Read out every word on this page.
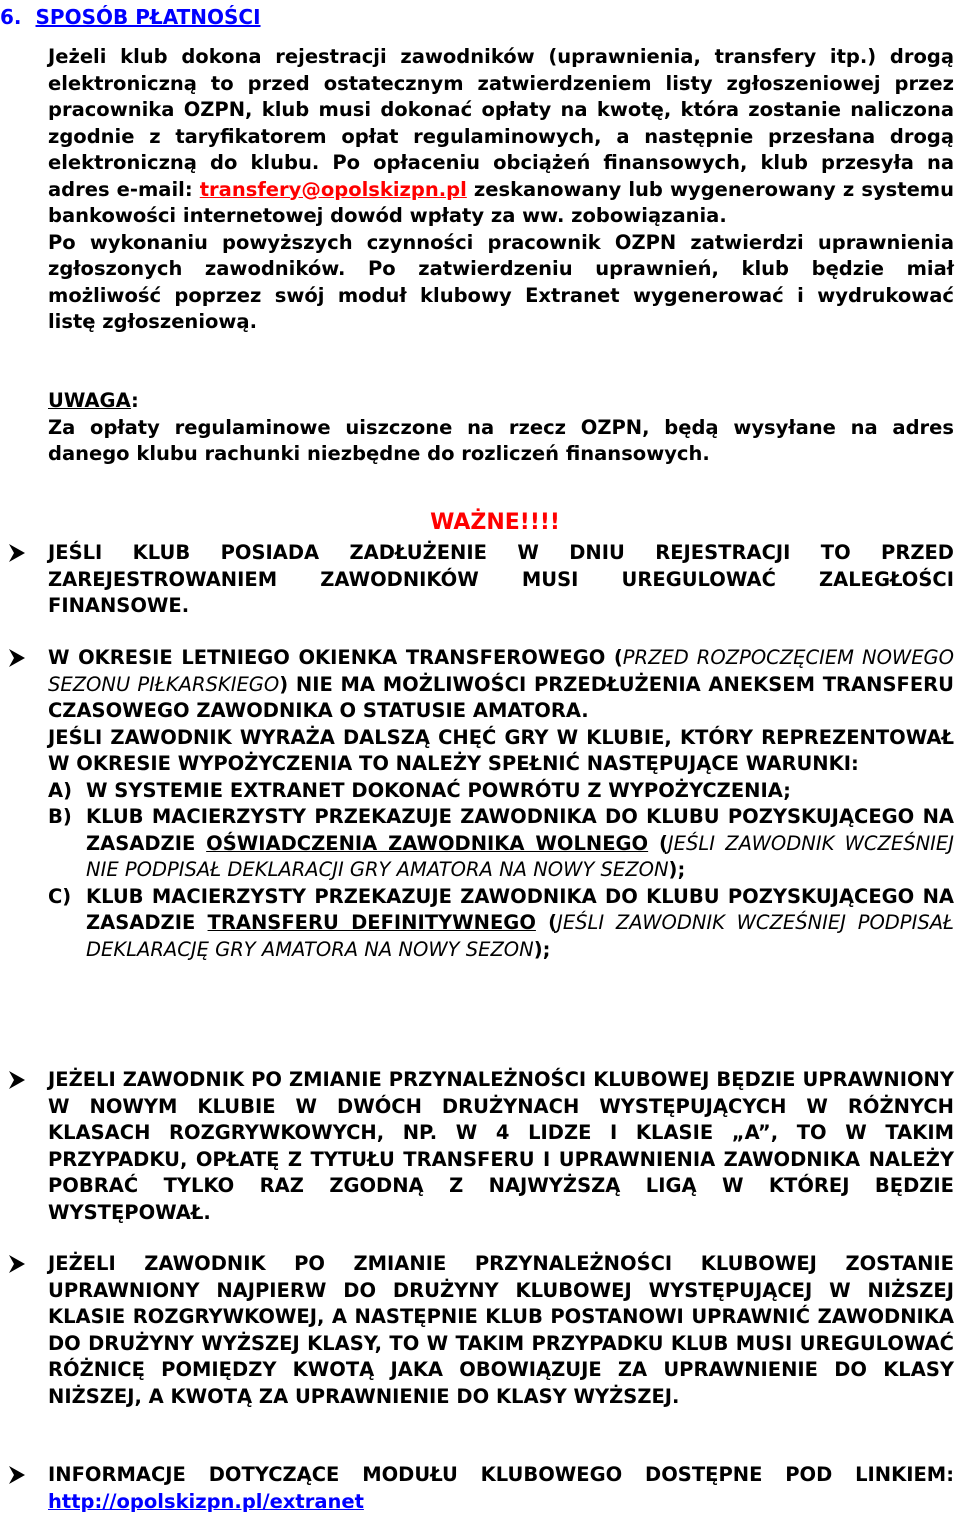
6. SPOSÓB PŁATNOŚCI
Jeżeli klub dokona rejestracji zawodników (uprawnienia, transfery itp.) drogą elektroniczną to przed ostatecznym zatwierdzeniem listy zgłoszeniowej przez pracownika OZPN, klub musi dokonać opłaty na kwotę, która zostanie naliczona zgodnie z taryfikatorem opłat regulaminowych, a następnie przesłana drogą elektroniczną do klubu. Po opłaceniu obciążeń finansowych, klub przesyła na adres e-mail: transfery@opolskizpn.pl zeskanowany lub wygenerowany z systemu bankowości internetowej dowód wpłaty za ww. zobowiązania.
Po wykonaniu powyższych czynności pracownik OZPN zatwierdzi uprawnienia zgłoszonych zawodników. Po zatwierdzeniu uprawnień, klub będzie miał możliwość poprzez swój moduł klubowy Extranet wygenerować i wydrukować listę zgłoszeniową.
UWAGA:
Za opłaty regulaminowe uiszczone na rzecz OZPN, będą wysyłane na adres danego klubu rachunki niezbędne do rozliczeń finansowych.
WAŻNE!!!!
JEŚLI KLUB POSIADA ZADŁUŻENIE W DNIU REJESTRACJI TO PRZED ZAREJESTROWANIEM ZAWODNIKÓW MUSI UREGULOWAĆ ZALEGŁOŚCI FINANSOWE.
W OKRESIE LETNIEGO OKIENKA TRANSFEROWEGO (PRZED ROZPOCZĘCIEM NOWEGO SEZONU PIŁKARSKIEGO) NIE MA MOŻLIWOŚCI PRZEDŁUŻENIA ANEKSEM TRANSFERU CZASOWEGO ZAWODNIKA O STATUSIE AMATORA.
JEŚLI ZAWODNIK WYRAŻA DALSZĄ CHĘĆ GRY W KLUBIE, KTÓRY REPREZENTOWAŁ W OKRESIE WYPOŻYCZENIA TO NALEŻY SPEŁNIĆ NASTĘPUJĄCE WARUNKI:
A) W SYSTEMIE EXTRANET DOKONAĆ POWRÓTU Z WYPOŻYCZENIA;
B) KLUB MACIERZYSTY PRZEKAZUJE ZAWODNIKA DO KLUBU POZYSKUJĄCEGO NA ZASADZIE OŚWIADCZENIA ZAWODNIKA WOLNEGO (JEŚLI ZAWODNIK WCZEŚNIEJ NIE PODPISAŁ DEKLARACJI GRY AMATORA NA NOWY SEZON);
C) KLUB MACIERZYSTY PRZEKAZUJE ZAWODNIKA DO KLUBU POZYSKUJĄCEGO NA ZASADZIE TRANSFERU DEFINITYWNEGO (JEŚLI ZAWODNIK WCZEŚNIEJ PODPISAŁ DEKLARACJĘ GRY AMATORA NA NOWY SEZON);
JEŻELI ZAWODNIK PO ZMIANIE PRZYNALEŻNOŚCI KLUBOWEJ BĘDZIE UPRAWNIONY W NOWYM KLUBIE W DWÓCH DRUŻYNACH WYSTĘPUJĄCYCH W RÓŻNYCH KLASACH ROZGRYWKOWYCH, NP. W 4 LIDZE I KLASIE „A”, TO W TAKIM PRZYPADKU, OPŁATĘ Z TYTUŁU TRANSFERU I UPRAWNIENIA ZAWODNIKA NALEŻY POBRAĆ TYLKO RAZ ZGODNĄ Z NAJWYŻSZĄ LIGĄ W KTÓREJ BĘDZIE WYSTĘPOWAŁ.
JEŻELI ZAWODNIK PO ZMIANIE PRZYNALEŻNOŚCI KLUBOWEJ ZOSTANIE UPRAWNIONY NAJPIERW DO DRUŻYNY KLUBOWEJ WYSTĘPUJĄCEJ W NIŻSZEJ KLASIE ROZGRYWKOWEJ, A NASTĘPNIE KLUB POSTANOWI UPRAWNIĆ ZAWODNIKA DO DRUŻYNY WYŻSZEJ KLASY, TO W TAKIM PRZYPADKU KLUB MUSI UREGULOWAĆ RÓŻNICĘ POMIĘDZY KWOTĄ JAKA OBOWIĄZUJE ZA UPRAWNIENIE DO KLASY NIŻSZEJ, A KWOTĄ ZA UPRAWNIENIE DO KLASY WYŻSZEJ.
INFORMACJE DOTYCZĄCE MODUŁU KLUBOWEGO DOSTĘPNE POD LINKIEM: http://opolskizpn.pl/extranet
